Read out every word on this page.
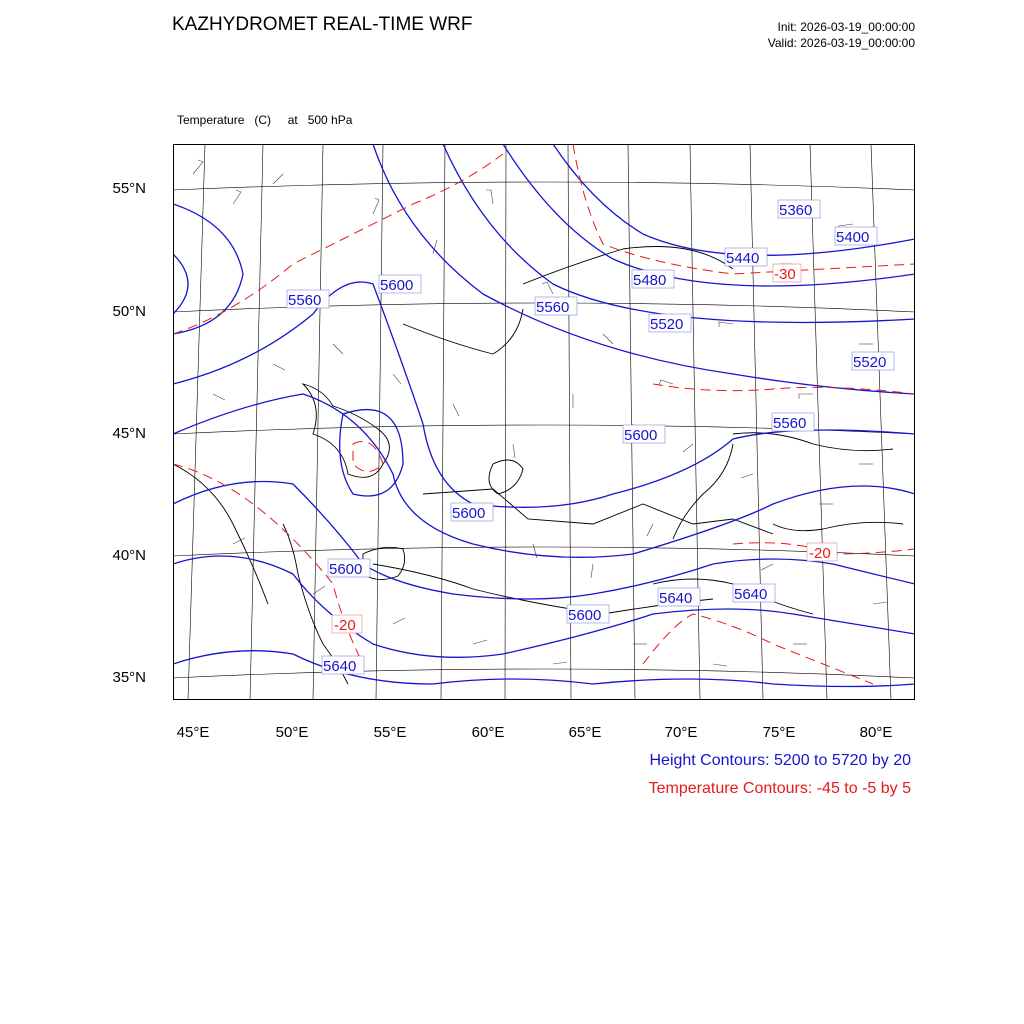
KAZHYDROMET REAL-TIME WRF	Init: 2026-03-19_00:00:00
Valid: 2026-03-19_00:00:00

Temperature   (C)     at   500 hPa

5360
5400
5440
5480
5560
5600
5520
5560
5520
5560
5600
5600
5600
5600
5640	5640
5640
-30
-20
-20
55°N
50°N
45°N
40°N
35°N
45°E	50°E	55°E	60°E	65°E	70°E	75°E	80°E
Height Contours: 5200 to 5720 by 20
Temperature Contours: -45 to -5 by 5
